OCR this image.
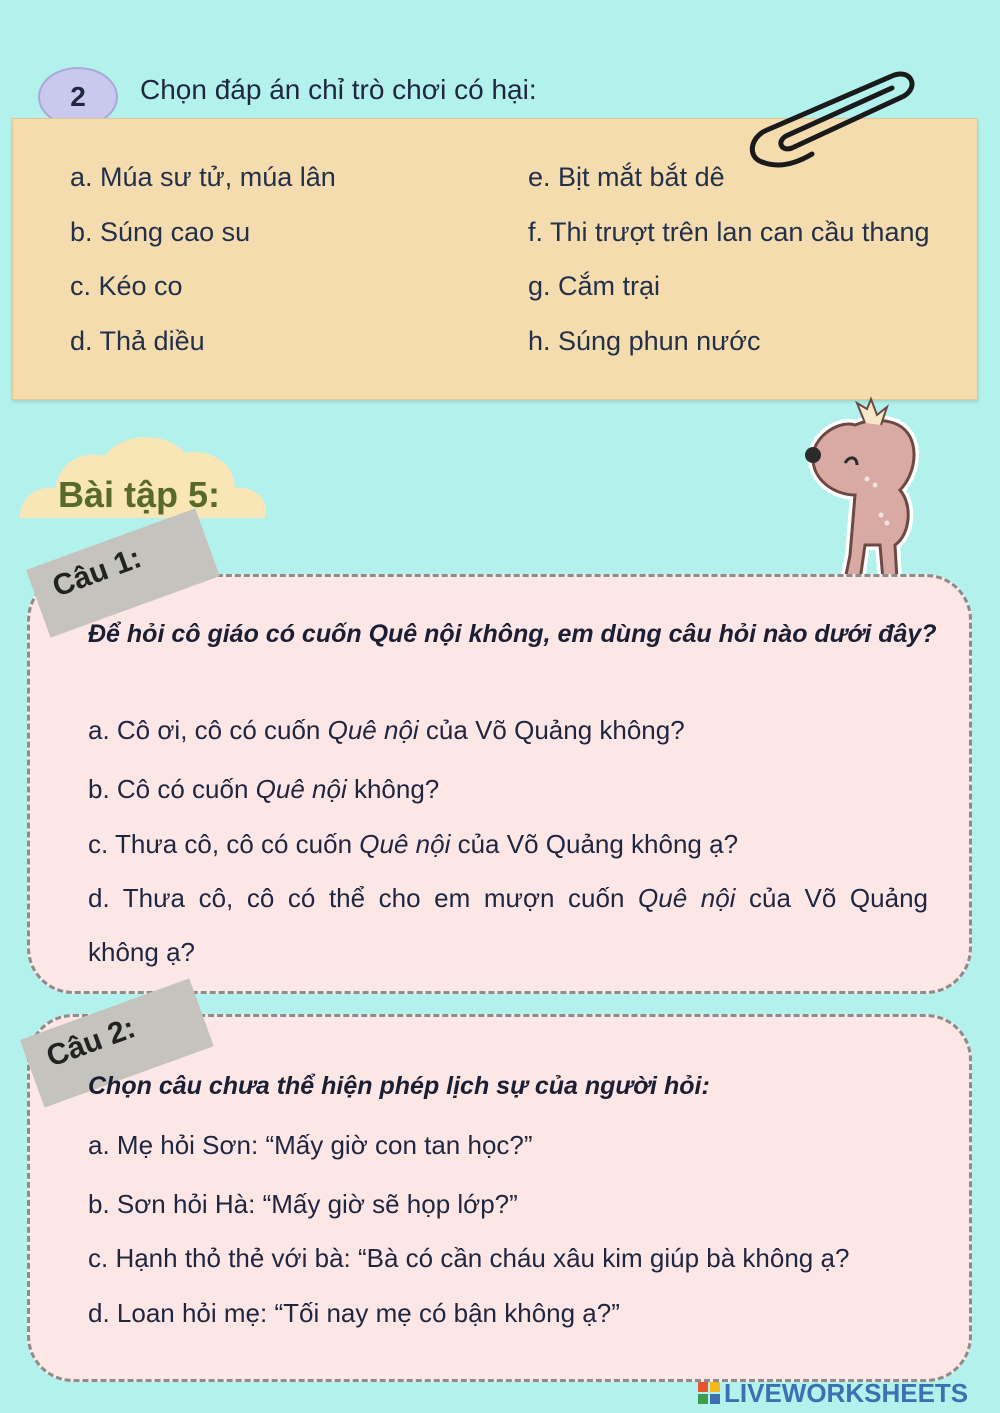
2	Chọn đáp án chỉ trò chơi có hại:
a. Múa sư tử, múa lân
b. Súng cao su
c. Kéo co
d. Thả diều
e. Bịt mắt bắt dê
f. Thi trượt trên lan can cầu thang
g. Cắm trại
h. Súng phun nước
Bài tập 5:
Câu 1:
Để hỏi cô giáo có cuốn Quê nội không, em dùng câu hỏi nào dưới đây?
a. Cô ơi, cô có cuốn Quê nội của Võ Quảng không?
b. Cô có cuốn Quê nội không?
c. Thưa cô, cô có cuốn Quê nội của Võ Quảng không ạ?
d. Thưa cô, cô có thể cho em mượn cuốn Quê nội của Võ Quảng
không ạ?
Câu 2:
Chọn câu chưa thể hiện phép lịch sự của người hỏi:
a. Mẹ hỏi Sơn: “Mấy giờ con tan học?”
b. Sơn hỏi Hà: “Mấy giờ sẽ họp lớp?”
c. Hạnh thỏ thẻ với bà: “Bà có cần cháu xâu kim giúp bà không ạ?
d. Loan hỏi mẹ: “Tối nay mẹ có bận không ạ?”
LIVEWORKSHEETS
